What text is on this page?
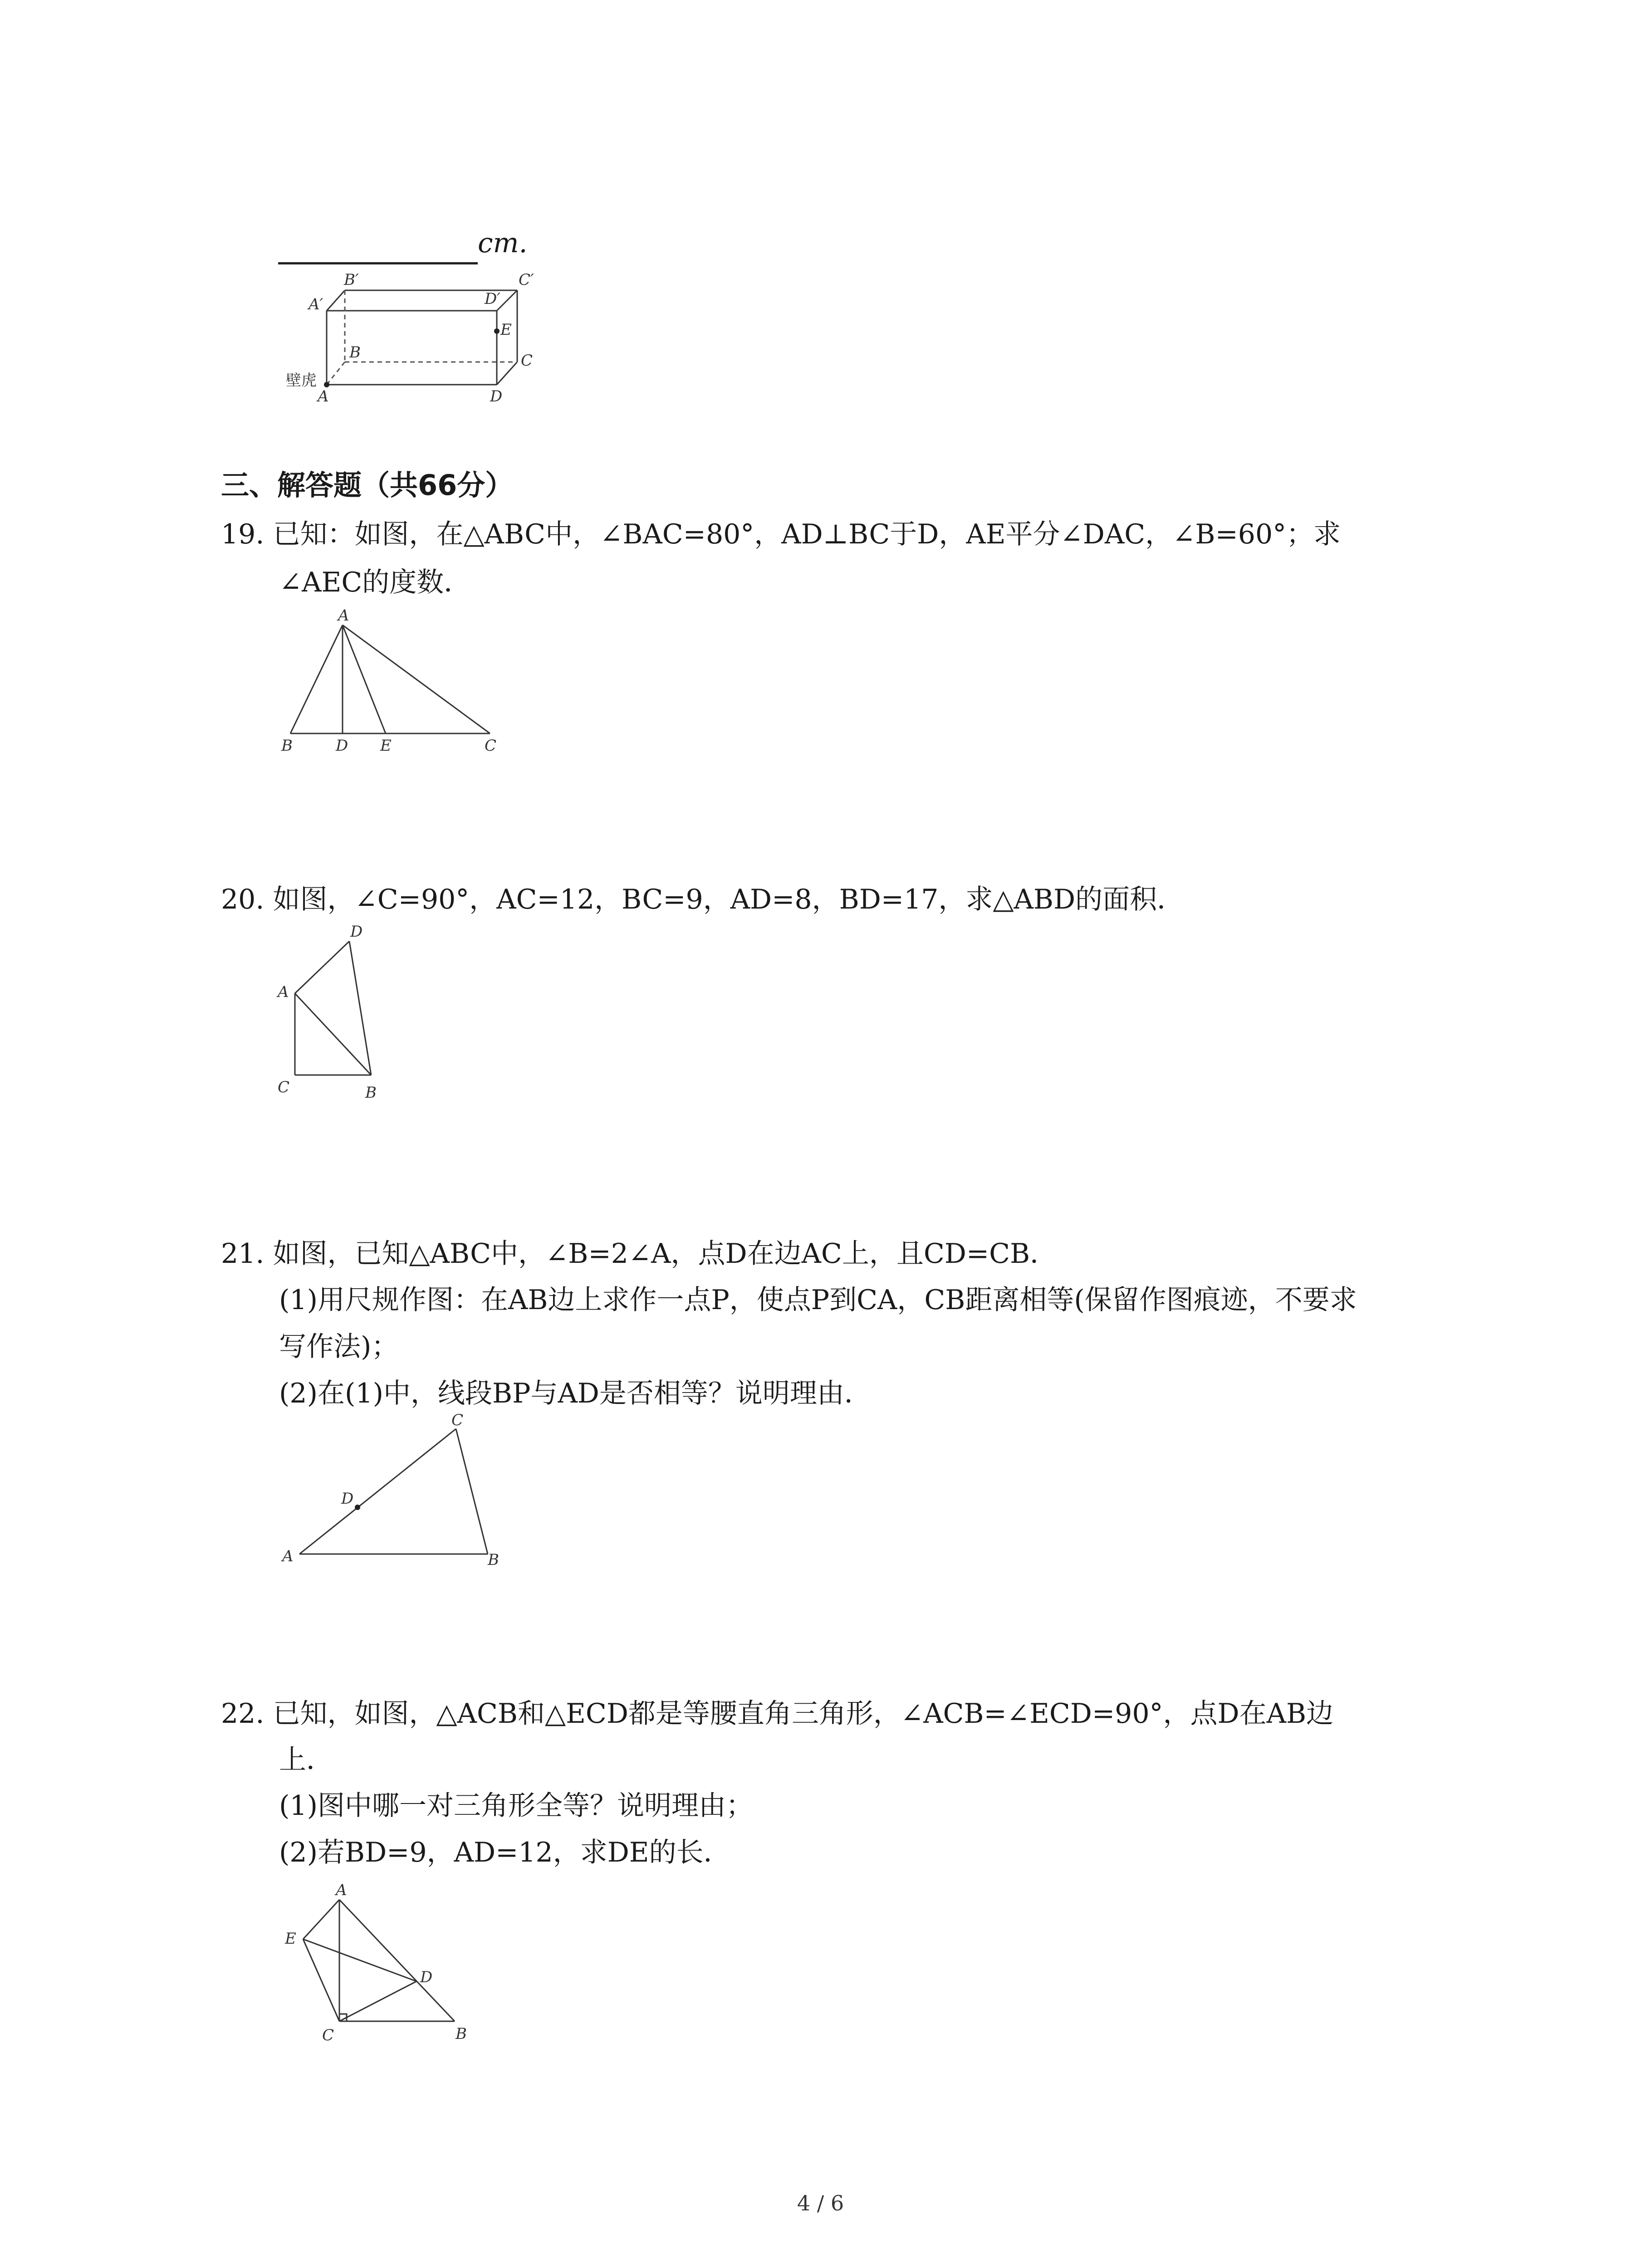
cm.

B′	C′
A′	D′
E
B	C
A	D
壁虎

三、解答题（共66分）

19. 已知：如图，在△ABC中，∠BAC=80°，AD⊥BC于D，AE平分∠DAC，∠B=60°；求

∠AEC的度数．

A
B	D E	C

20. 如图，∠C=90°，AC=12，BC=9，AD=8，BD=17，求△ABD的面积．

D
A
C	B

21. 如图，已知△ABC中，∠B=2∠A，点D在边AC上，且CD=CB．

(1)用尺规作图：在AB边上求作一点P，使点P到CA，CB距离相等(保留作图痕迹，不要求

写作法)；

(2)在(1)中，线段BP与AD是否相等？说明理由．

C
D
A	B

22. 已知，如图，△ACB和△ECD都是等腰直角三角形，∠ACB=∠ECD=90°，点D在AB边

上．

(1)图中哪一对三角形全等？说明理由；

(2)若BD=9，AD=12，求DE的长．

A
E
D
C	B
4 / 6
